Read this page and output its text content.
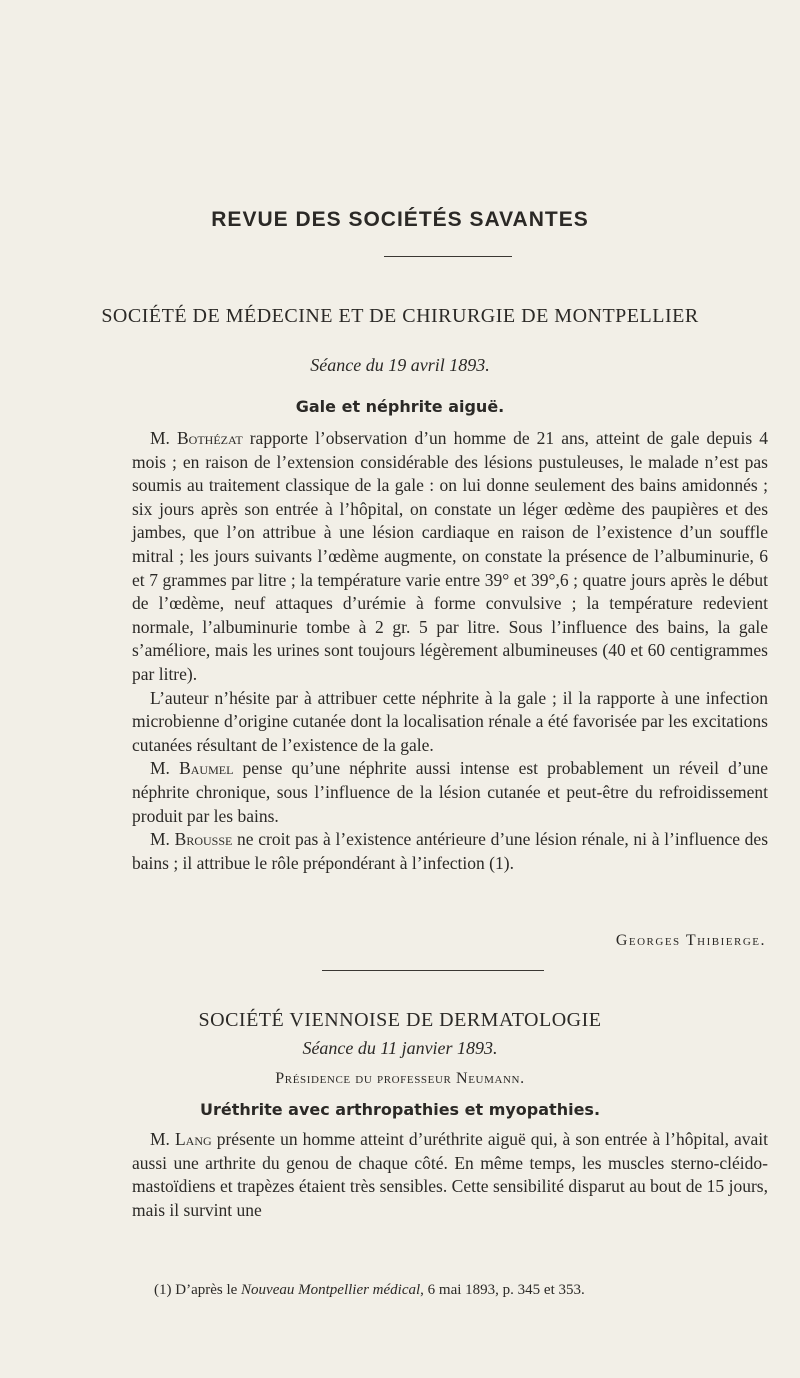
REVUE DES SOCIÉTÉS SAVANTES
SOCIÉTÉ DE MÉDECINE ET DE CHIRURGIE DE MONTPELLIER
Séance du 19 avril 1893.
Gale et néphrite aiguë.

M. Bothézat rapporte l’observation d’un homme de 21 ans, atteint de gale depuis 4 mois ; en raison de l’extension considérable des lésions pustuleuses, le malade n’est pas soumis au traitement classique de la gale : on lui donne seulement des bains amidonnés ; six jours après son entrée à l’hôpital, on constate un léger œdème des paupières et des jambes, que l’on attribue à une lésion cardiaque en raison de l’existence d’un souffle mitral ; les jours suivants l’œdème augmente, on constate la présence de l’albuminurie, 6 et 7 grammes par litre ; la température varie entre 39° et 39°,6 ; quatre jours après le début de l’œdème, neuf attaques d’urémie à forme convulsive ; la température redevient normale, l’albuminurie tombe à 2 gr. 5 par litre. Sous l’influence des bains, la gale s’améliore, mais les urines sont toujours légèrement albumineuses (40 et 60 centigrammes par litre).

L’auteur n’hésite par à attribuer cette néphrite à la gale ; il la rapporte à une infection microbienne d’origine cutanée dont la localisation rénale a été favorisée par les excitations cutanées résultant de l’existence de la gale.

M. Baumel pense qu’une néphrite aussi intense est probablement un réveil d’une néphrite chronique, sous l’influence de la lésion cutanée et peut-être du refroidissement produit par les bains.

M. Brousse ne croit pas à l’existence antérieure d’une lésion rénale, ni à l’influence des bains ; il attribue le rôle prépondérant à l’infection (1).

Georges Thibierge.
SOCIÉTÉ VIENNOISE DE DERMATOLOGIE
Séance du 11 janvier 1893.
Présidence du professeur Neumann.
Uréthrite avec arthropathies et myopathies.

M. Lang présente un homme atteint d’uréthrite aiguë qui, à son entrée à l’hôpital, avait aussi une arthrite du genou de chaque côté. En même temps, les muscles sterno-cléido-mastoïdiens et trapèzes étaient très sensibles. Cette sensibilité disparut au bout de 15 jours, mais il survint une

(1) D’après le Nouveau Montpellier médical, 6 mai 1893, p. 345 et 353.
